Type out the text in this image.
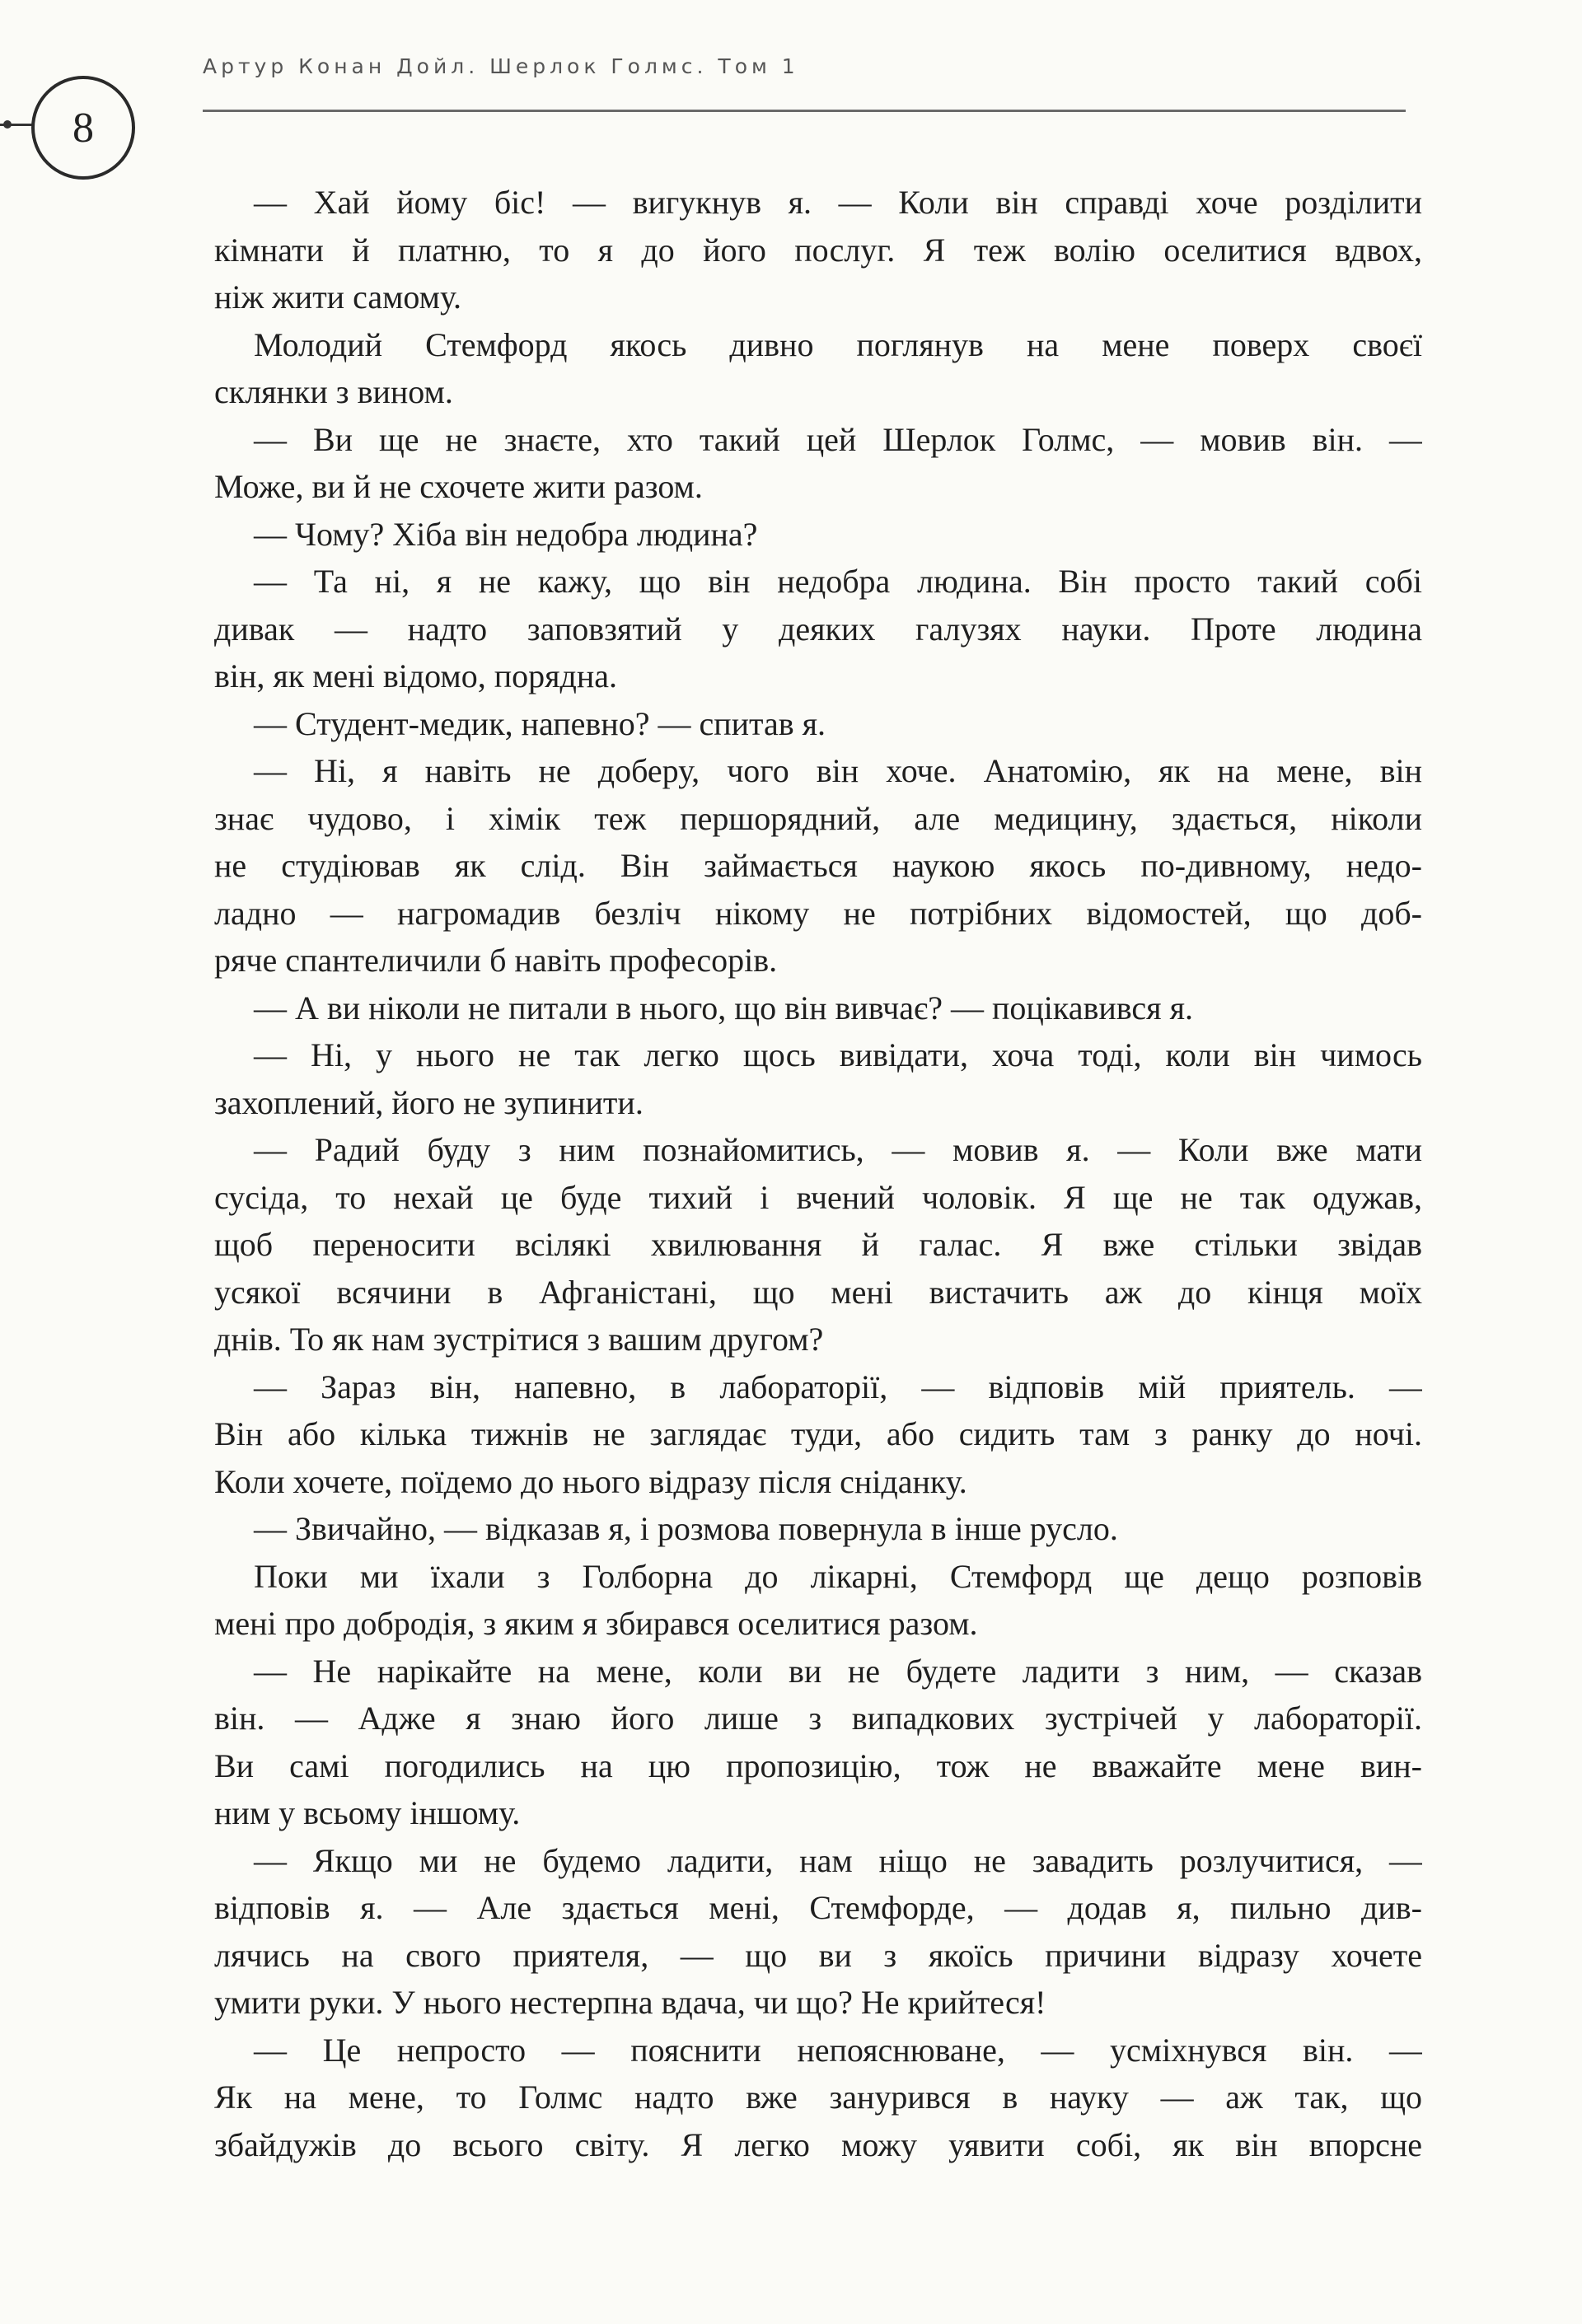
8
Артур Конан Дойл. Шерлок Голмс. Том 1
— Хай йому біс! — вигукнув я. — Коли він справді хоче розділити
кімнати й платню, то я до його послуг. Я теж волію оселитися вдвох,
ніж жити самому.
Молодий Стемфорд якось дивно поглянув на мене поверх своєї
склянки з вином.
— Ви ще не знаєте, хто такий цей Шерлок Голмс, — мовив він. —
Може, ви й не схочете жити разом.
— Чому? Хіба він недобра людина?
— Та ні, я не кажу, що він недобра людина. Він просто такий собі
дивак — надто заповзятий у деяких галузях науки. Проте людина
він, як мені відомо, порядна.
— Студент-медик, напевно? — спитав я.
— Ні, я навіть не доберу, чого він хоче. Анатомію, як на мене, він
знає чудово, і хімік теж першорядний, але медицину, здається, ніколи
не студіював як слід. Він займається наукою якось по-дивному, недо-
ладно — нагромадив безліч нікому не потрібних відомостей, що доб-
ряче спантеличили б навіть професорів.
— А ви ніколи не питали в нього, що він вивчає? — поцікавився я.
— Ні, у нього не так легко щось вивідати, хоча тоді, коли він чимось
захоплений, його не зупинити.
— Радий буду з ним познайомитись, — мовив я. — Коли вже мати
сусіда, то нехай це буде тихий і вчений чоловік. Я ще не так одужав,
щоб переносити всілякі хвилювання й галас. Я вже стільки звідав
усякої всячини в Афганістані, що мені вистачить аж до кінця моїх
днів. То як нам зустрітися з вашим другом?
— Зараз він, напевно, в лабораторії, — відповів мій приятель. —
Він або кілька тижнів не заглядає туди, або сидить там з ранку до ночі.
Коли хочете, поїдемо до нього відразу після сніданку.
— Звичайно, — відказав я, і розмова повернула в інше русло.
Поки ми їхали з Голборна до лікарні, Стемфорд ще дещо розповів
мені про добродія, з яким я збирався оселитися разом.
— Не нарікайте на мене, коли ви не будете ладити з ним, — сказав
він. — Адже я знаю його лише з випадкових зустрічей у лабораторії.
Ви самі погодились на цю пропозицію, тож не вважайте мене вин-
ним у всьому іншому.
— Якщо ми не будемо ладити, нам ніщо не завадить розлучитися, —
відповів я. — Але здається мені, Стемфорде, — додав я, пильно див-
лячись на свого приятеля, — що ви з якоїсь причини відразу хочете
умити руки. У нього нестерпна вдача, чи що? Не крийтеся!
— Це непросто — пояснити непояснюване, — усміхнувся він. —
Як на мене, то Голмс надто вже занурився в науку — аж так, що
збайдужів до всього світу. Я легко можу уявити собі, як він впорсне
